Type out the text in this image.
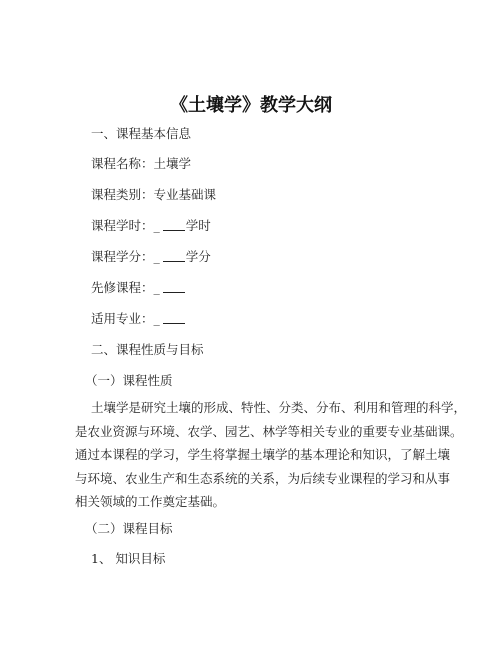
《土壤学》教学大纲
一、课程基本信息
课程名称：土壤学
课程类别：专业基础课
课程学时：_ 学时
课程学分：_ 学分
先修课程：_
适用专业：_
二、课程性质与目标
（一）课程性质
土壤学是研究土壤的形成、特性、分类、分布、利用和管理的科学，
是农业资源与环境、农学、园艺、林学等相关专业的重要专业基础课。
通过本课程的学习，学生将掌握土壤学的基本理论和知识，了解土壤
与环境、农业生产和生态系统的关系，为后续专业课程的学习和从事
相关领域的工作奠定基础。
（二）课程目标
1、 知识目标
